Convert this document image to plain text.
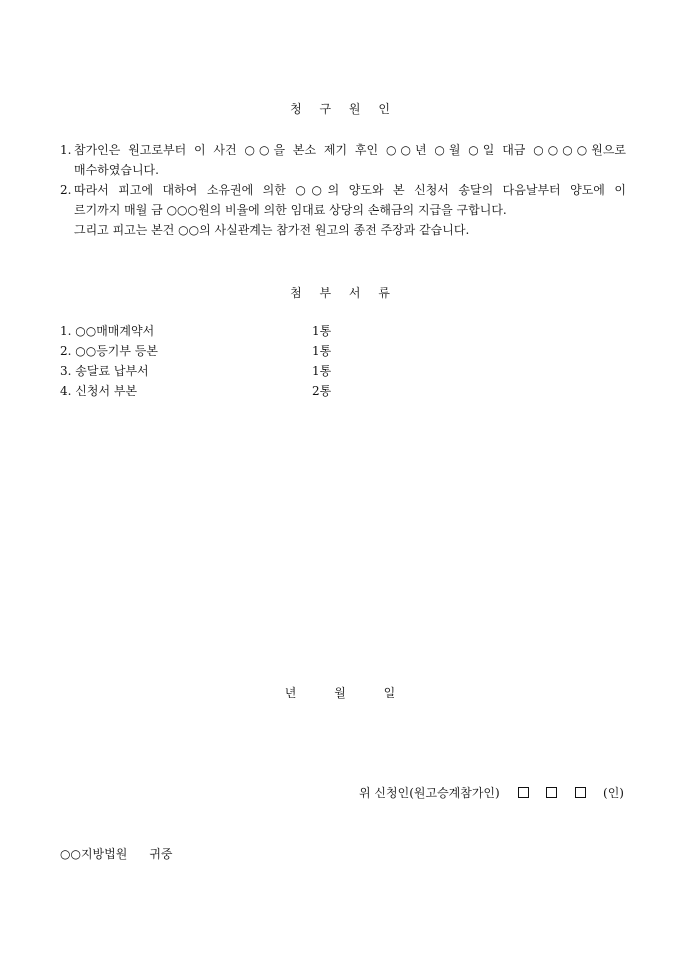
청 구 원 인
1. 참가인은 원고로부터 이 사건 ○○을 본소 제기 후인 ○○년 ○월 ○일 대금 ○○○○원으로
매수하였습니다.
2. 따라서 피고에 대하여 소유권에 의한 ○○의 양도와 본 신청서 송달의 다음날부터 양도에 이
르기까지 매월 금 ○○○원의 비율에 의한 임대료 상당의 손해금의 지급을 구합니다.
그리고 피고는 본건 ○○의 사실관계는 참가전 원고의 종전 주장과 같습니다.
첨 부 서 류
1. ○○매매계약서	1통
2. ○○등기부 등본	1통
3. 송달료 납부서	1통
4. 신청서 부본	2통
년 월 일
위 신청인(원고승계참가인)	(인)
○○지방법원 귀중
